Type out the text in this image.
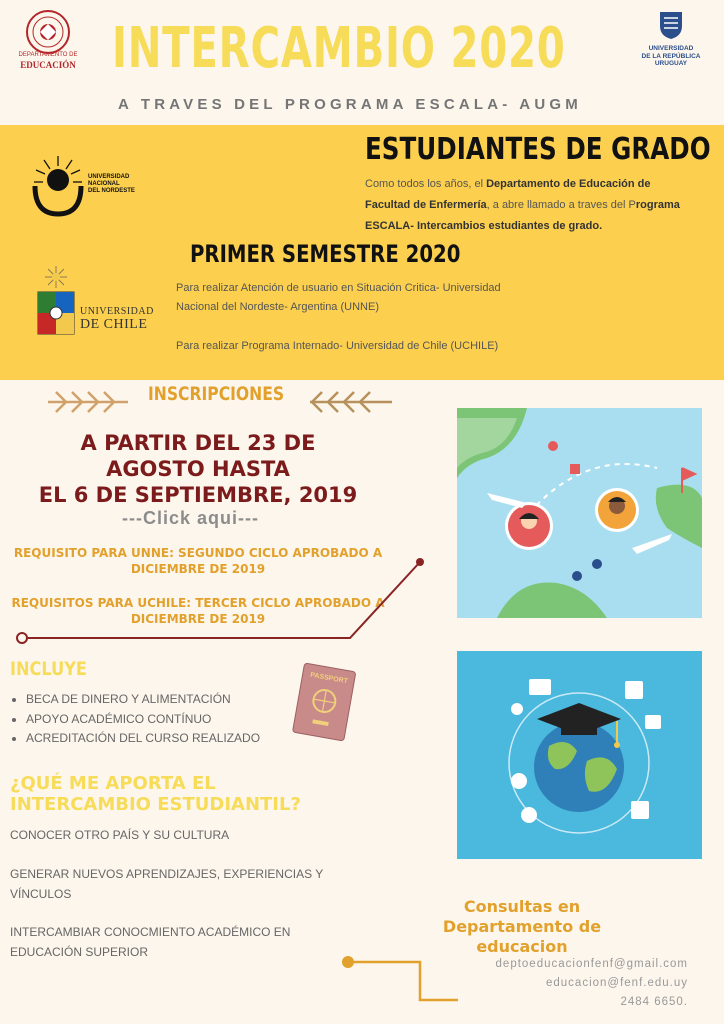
DEPARTAMENTO DE
EDUCACIÓN INTERCAMBIO 2020
A TRAVES DEL PROGRAMA ESCALA- AUGM
UNIVERSIDAD
DE LA REPÚBLICA
URUGUAY
UNIVERSIDAD
NACIONAL
DEL NORDESTE
ESTUDIANTES DE GRADO
Como todos los años, el Departamento de Educación de Facultad de Enfermería, a abre llamado a traves del Programa ESCALA- Intercambios estudiantes de grado.
PRIMER SEMESTRE 2020
UNIVERSIDAD
DE CHILE
Para realizar Atención de usuario en Situación Critica- Universidad Nacional del Nordeste- Argentina (UNNE)
Para realizar Programa Internado- Universidad de Chile (UCHILE)
INSCRIPCIONES
A PARTIR DEL 23 DE AGOSTO HASTA
EL 6 DE SEPTIEMBRE, 2019
---Click aqui---
REQUISITO PARA UNNE: SEGUNDO CICLO APROBADO A DICIEMBRE DE 2019
REQUISITOS PARA UCHILE: TERCER CICLO APROBADO A DICIEMBRE DE 2019
INCLUYE
• BECA DE DINERO Y ALIMENTACIÓN
• APOYO ACADÉMICO CONTÍNUO
• ACREDITACIÓN DEL CURSO REALIZADO
PASSPORT
¿QUÉ ME APORTA EL INTERCAMBIO ESTUDIANTIL?
CONOCER OTRO PAÍS Y SU CULTURA
GENERAR NUEVOS APRENDIZAJES, EXPERIENCIAS Y VÍNCULOS
INTERCAMBIAR CONOCMIENTO ACADÉMICO EN EDUCACIÓN SUPERIOR
Consultas en Departamento de educacion
deptoeducacionfenf@gmail.com
educacion@fenf.edu.uy
2484 6650.
